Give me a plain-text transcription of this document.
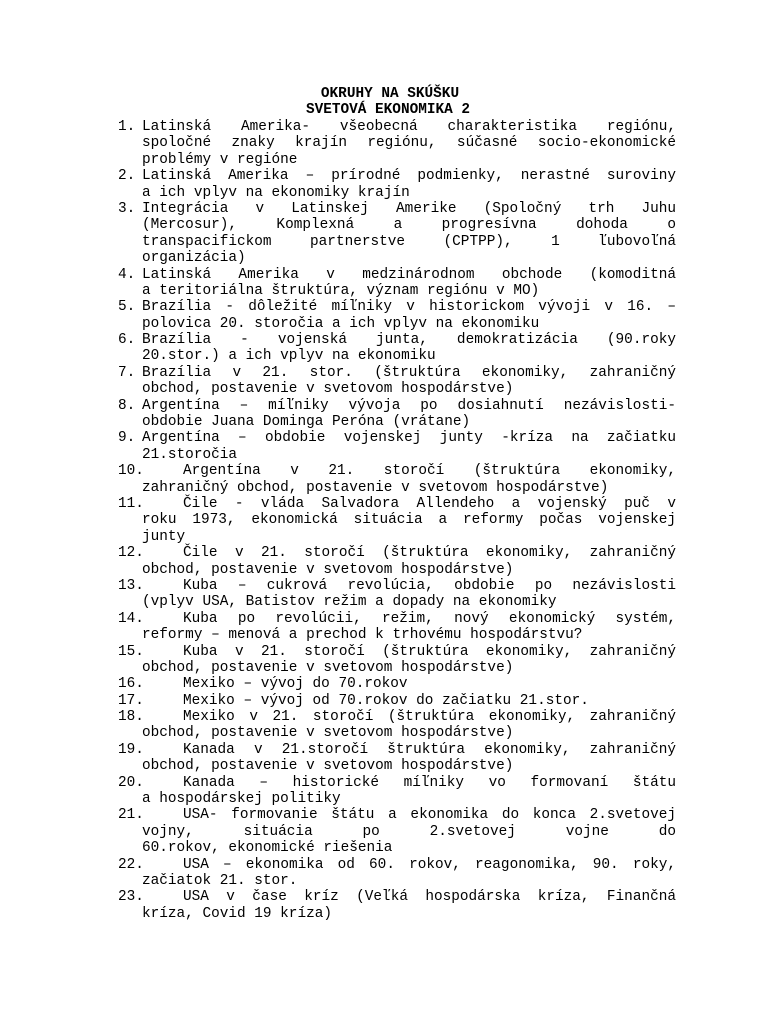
OKRUHY NA SKÚŠKU
SVETOVÁ EKONOMIKA 2
1. Latinská Amerika- všeobecná charakteristika regiónu,
spoločné znaky krajín regiónu, súčasné socio-ekonomické
problémy v regióne
2. Latinská Amerika – prírodné podmienky, nerastné suroviny
a ich vplyv na ekonomiky krajín
3. Integrácia v Latinskej Amerike (Spoločný trh Juhu
(Mercosur), Komplexná a progresívna dohoda o
transpacifickom partnerstve (CPTPP), 1 ľubovoľná
organizácia)
4. Latinská Amerika v medzinárodnom obchode (komoditná
a teritoriálna štruktúra, význam regiónu v MO)
5. Brazília - dôležité míľniky v historickom vývoji v 16. –
polovica 20. storočia a ich vplyv na ekonomiku
6. Brazília - vojenská junta, demokratizácia (90.roky
20.stor.) a ich vplyv na ekonomiku
7. Brazília v 21. stor. (štruktúra ekonomiky, zahraničný
obchod, postavenie v svetovom hospodárstve)
8. Argentína – míľniky vývoja po dosiahnutí nezávislosti-
obdobie Juana Dominga Peróna (vrátane)
9. Argentína – obdobie vojenskej junty -kríza na začiatku
21.storočia
10.	Argentína v 21. storočí (štruktúra ekonomiky,
zahraničný obchod, postavenie v svetovom hospodárstve)
11.	Čile - vláda Salvadora Allendeho a vojenský puč v
roku 1973, ekonomická situácia a reformy počas vojenskej
junty
12.	Čile v 21. storočí (štruktúra ekonomiky, zahraničný
obchod, postavenie v svetovom hospodárstve)
13.	Kuba – cukrová revolúcia, obdobie po nezávislosti
(vplyv USA, Batistov režim a dopady na ekonomiky
14.	Kuba po revolúcii, režim, nový ekonomický systém,
reformy – menová a prechod k trhovému hospodárstvu?
15.	Kuba v 21. storočí (štruktúra ekonomiky, zahraničný
obchod, postavenie v svetovom hospodárstve)
16.	Mexiko – vývoj do 70.rokov
17.	Mexiko – vývoj od 70.rokov do začiatku 21.stor.
18.	Mexiko v 21. storočí (štruktúra ekonomiky, zahraničný
obchod, postavenie v svetovom hospodárstve)
19.	Kanada v 21.storočí štruktúra ekonomiky, zahraničný
obchod, postavenie v svetovom hospodárstve)
20.	Kanada – historické míľniky vo formovaní štátu
a hospodárskej politiky
21.	USA- formovanie štátu a ekonomika do konca 2.svetovej
vojny, situácia po 2.svetovej vojne do
60.rokov, ekonomické riešenia
22.	USA – ekonomika od 60. rokov, reagonomika, 90. roky,
začiatok 21. stor.
23.	USA v čase kríz (Veľká hospodárska kríza, Finančná
kríza, Covid 19 kríza)
